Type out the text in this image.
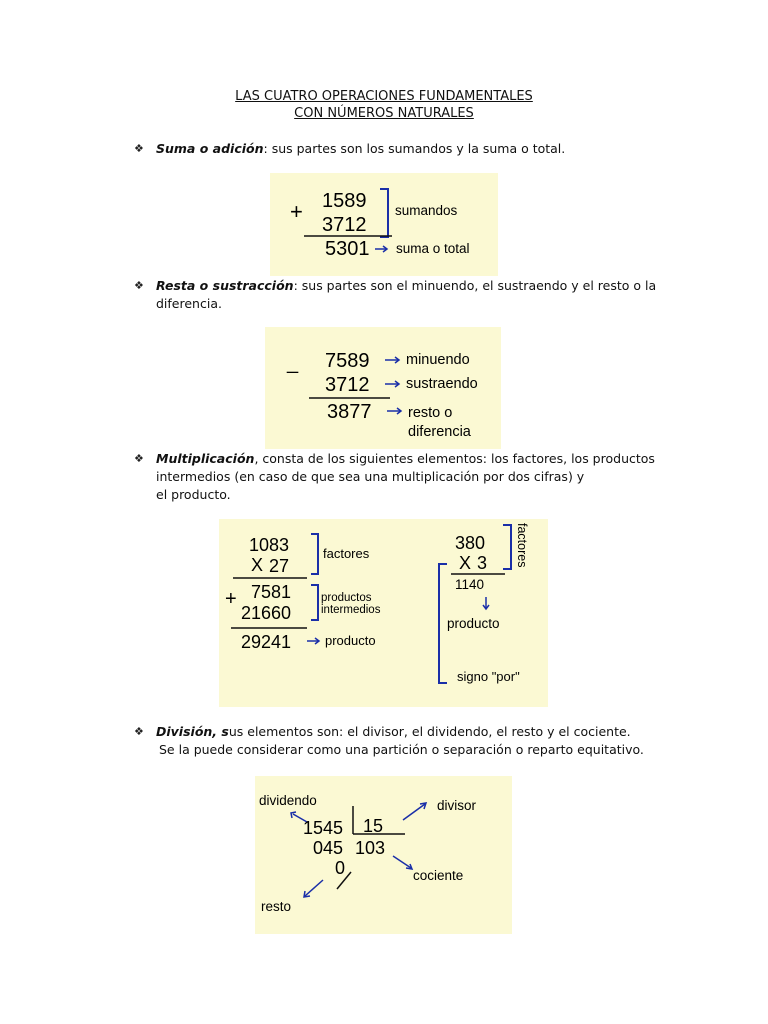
LAS CUATRO OPERACIONES FUNDAMENTALES
CON NÚMEROS NATURALES
❖ Suma o adición: sus partes son los sumandos y la suma o total.
+ 1589
3712
sumandos
5301 suma o total
❖ Resta o sustracción: sus partes son el minuendo, el sustraendo y el resto o la diferencia.
_ 7589	minuendo
3712	sustraendo
3877	resto o
diferencia
❖ Multiplicación, consta de los siguientes elementos: los factores, los productos intermedios (en caso de que sea una multiplicación por dos cifras) y
el producto.
1083
X 27
factores
+ 7581
21660
productos
intermedios
29241	producto
380
X 3 factores
1140
producto
signo "por"
❖ División, sus elementos son: el divisor, el dividendo, el resto y el cociente.
Se la puede considerar como una partición o separación o reparto equitativo.
dividendo
1545 15
divisor
045 103
cociente
0
resto
